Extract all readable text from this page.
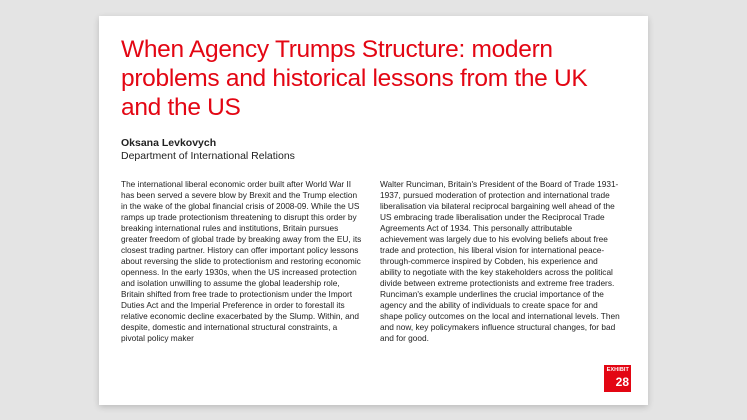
When Agency Trumps Structure: modern problems and historical lessons from the UK and the US
Oksana Levkovych
Department of International Relations

The international liberal economic order built after World War II has been served a severe blow by Brexit and the Trump election in the wake of the global financial crisis of 2008-09. While the US ramps up trade protectionism threatening to disrupt this order by breaking international rules and institutions, Britain pursues greater freedom of global trade by breaking away from the EU, its closest trading partner. History can offer important policy lessons about reversing the slide to protectionism and restoring economic openness. In the early 1930s, when the US increased protection and isolation unwilling to assume the global leadership role, Britain shifted from free trade to protectionism under the Import Duties Act and the Imperial Preference in order to forestall its relative economic decline exacerbated by the Slump. Within, and despite, domestic and international structural constraints, a pivotal policy maker

Walter Runciman, Britain's President of the Board of Trade 1931-1937, pursued moderation of protection and international trade liberalisation via bilateral reciprocal bargaining well ahead of the US embracing trade liberalisation under the Reciprocal Trade Agreements Act of 1934. This personally attributable achievement was largely due to his evolving beliefs about free trade and protection, his liberal vision for international peace-through-commerce inspired by Cobden, his experience and ability to negotiate with the key stakeholders across the political divide between extreme protectionists and extreme free traders. Runciman's example underlines the crucial importance of the agency and the ability of individuals to create space for and shape policy outcomes on the local and international levels. Then and now, key policymakers influence structural changes, for bad and for good.

EXHIBIT
28
